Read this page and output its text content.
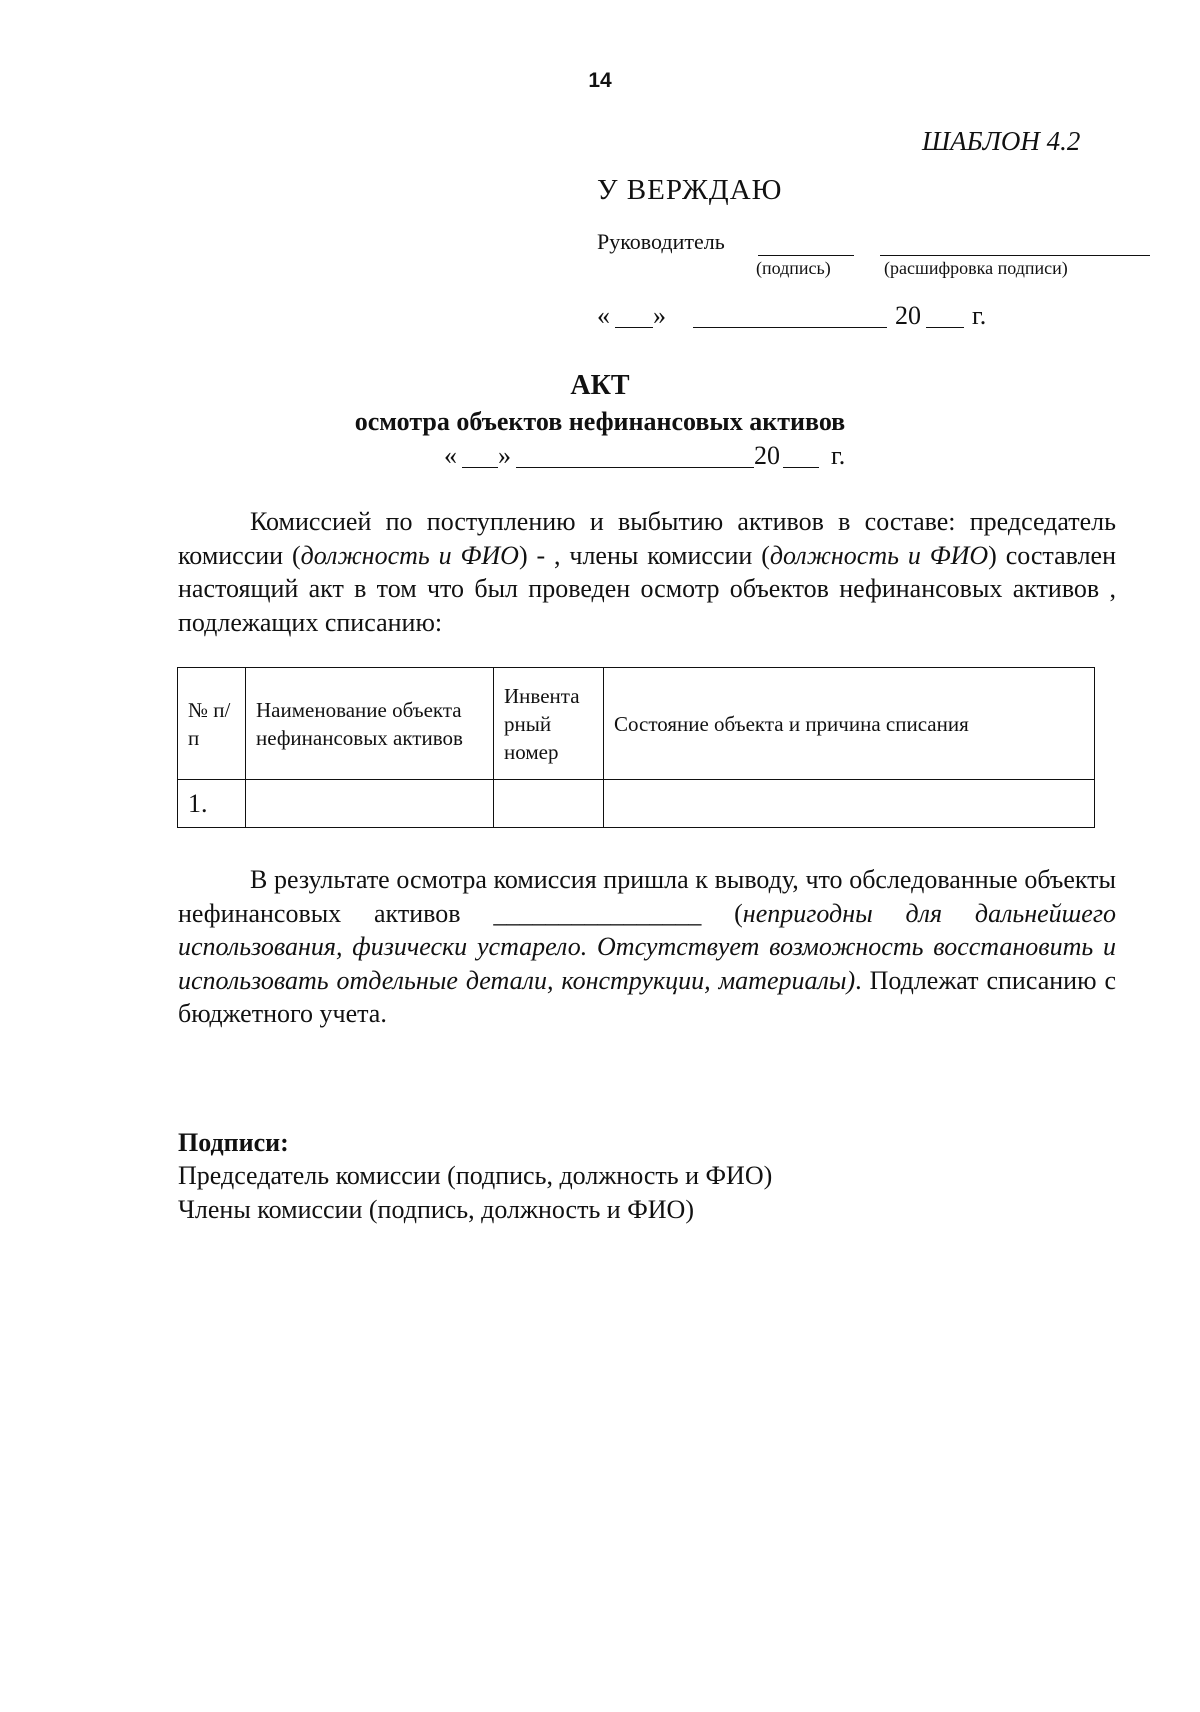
14
ШАБЛОН 4.2
У ВЕРЖДАЮ
Руководитель
(подпись)	(расшифровка подписи)
« »	20 г.
АКТ
осмотра объектов нефинансовых активов
« »	20 г.

Комиссией по поступлению и выбытию активов в составе: председатель комиссии (должность и ФИО) - , члены комиссии (должность и ФИО) составлен настоящий акт в том что был проведен осмотр объектов нефинансовых активов , подлежащих списанию:

№ п/п	Наименование объекта нефинансовых активов	Инвента рный номер	Состояние объекта и причина списания
1.			

В результате осмотра комиссия пришла к выводу, что обследованные объекты нефинансовых активов ________________ (непригодны для дальнейшего использования, физически устарело. Отсутствует возможность восстановить и использовать отдельные детали, конструкции, материалы). Подлежат списанию с бюджетного учета.

Подписи:
Председатель комиссии (подпись, должность и ФИО)
Члены комиссии (подпись, должность и ФИО)
